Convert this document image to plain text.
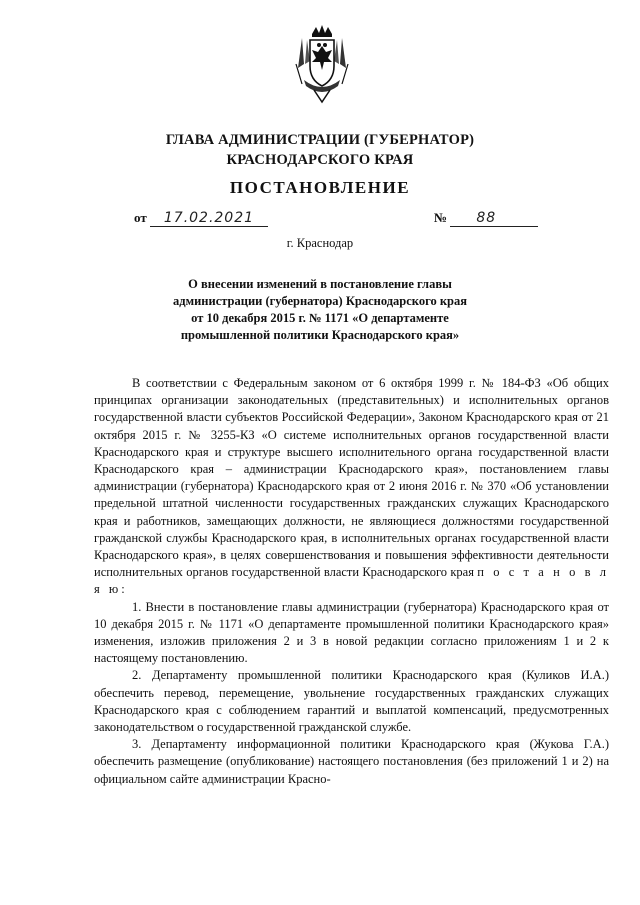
ГЛАВА АДМИНИСТРАЦИИ (ГУБЕРНАТОР)
КРАСНОДАРСКОГО КРАЯ
ПОСТАНОВЛЕНИЕ
от 17.02.2021	№ 88
г. Краснодар
О внесении изменений в постановление главы
администрации (губернатора) Краснодарского края
от 10 декабря 2015 г. № 1171 «О департаменте
промышленной политики Краснодарского края»

В соответствии с Федеральным законом от 6 октября 1999 г. № 184-ФЗ «Об общих принципах организации законодательных (представительных) и исполнительных органов государственной власти субъектов Российской Федерации», Законом Краснодарского края от 21 октября 2015 г. № 3255-КЗ «О системе исполнительных органов государственной власти Краснодарского края и структуре высшего исполнительного органа государственной власти Краснодарского края – администрации Краснодарского края», постановлением главы администрации (губернатора) Краснодарского края от 2 июня 2016 г. № 370 «Об установлении предельной штатной численности государственных гражданских служащих Краснодарского края и работников, замещающих должности, не являющиеся должностями государственной гражданской службы Краснодарского края, в исполнительных органах государственной власти Краснодарского края», в целях совершенствования и повышения эффективности деятельности исполнительных органов государственной власти Краснодарского края п о с т а н о в л я ю:

1. Внести в постановление главы администрации (губернатора) Краснодарского края от 10 декабря 2015 г. № 1171 «О департаменте промышленной политики Краснодарского края» изменения, изложив приложения 2 и 3 в новой редакции согласно приложениям 1 и 2 к настоящему постановлению.

2. Департаменту промышленной политики Краснодарского края (Куликов И.А.) обеспечить перевод, перемещение, увольнение государственных гражданских служащих Краснодарского края с соблюдением гарантий и выплатой компенсаций, предусмотренных законодательством о государственной гражданской службе.

3. Департаменту информационной политики Краснодарского края (Жукова Г.А.) обеспечить размещение (опубликование) настоящего постановления (без приложений 1 и 2) на официальном сайте администрации Красно-
